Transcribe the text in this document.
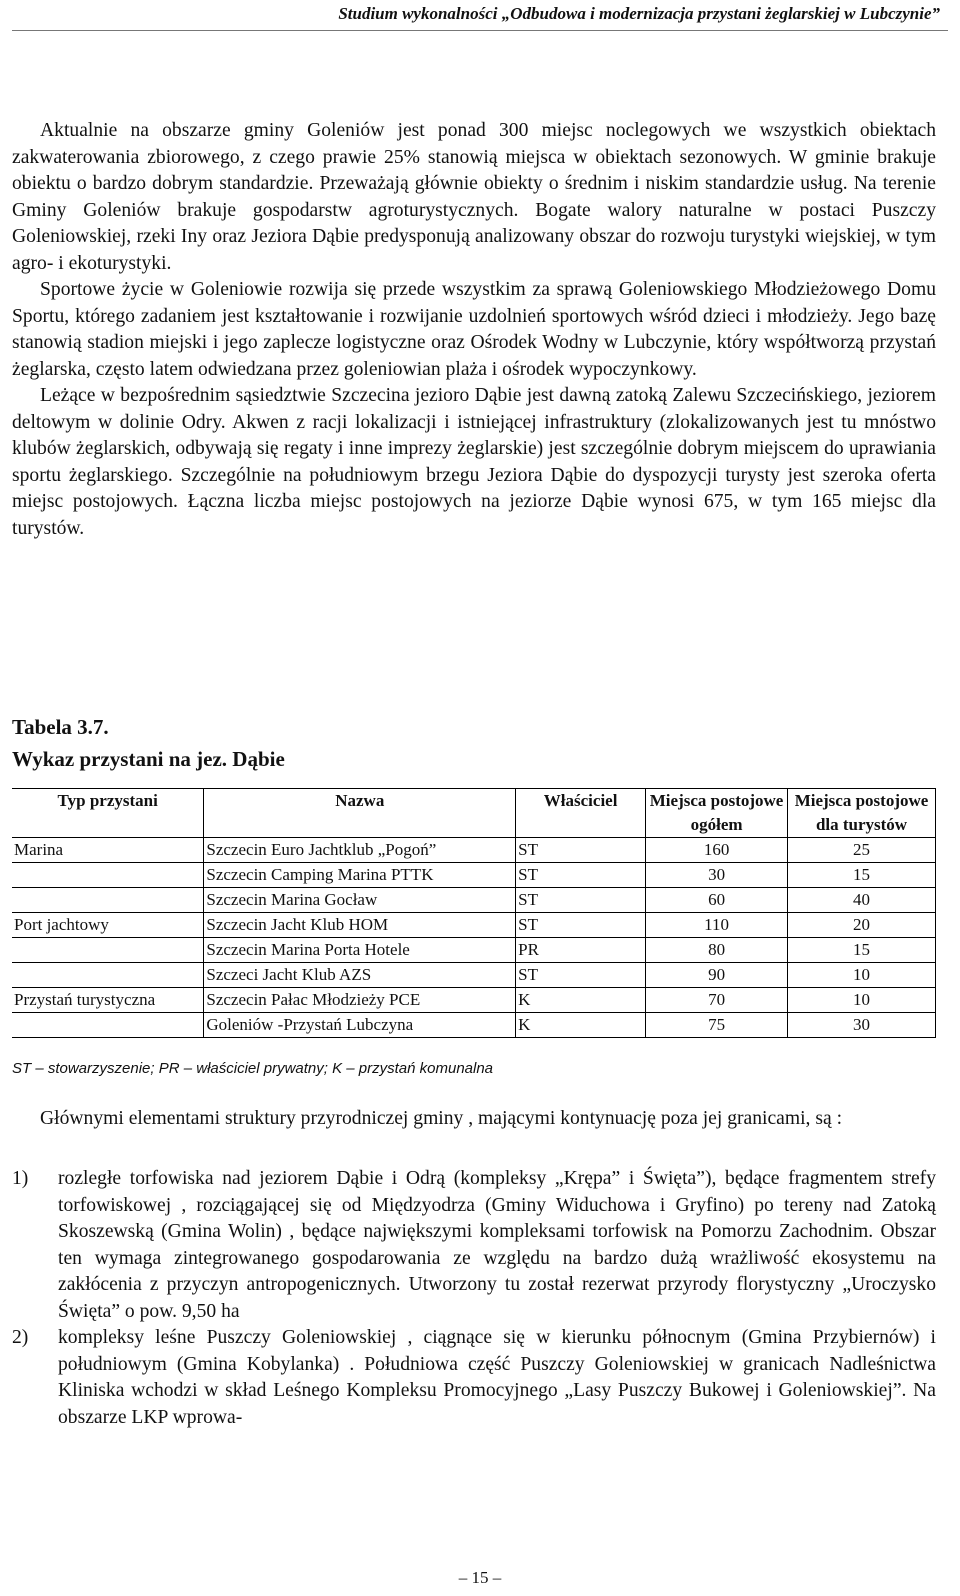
Studium wykonalności „Odbudowa i modernizacja przystani żeglarskiej w Lubczynie”

Aktualnie na obszarze gminy Goleniów jest ponad 300 miejsc noclegowych we wszystkich obiektach zakwaterowania zbiorowego, z czego prawie 25% stanowią miejsca w obiektach sezonowych. W gminie brakuje obiektu o bardzo dobrym standardzie. Przeważają głównie obiekty o średnim i niskim standardzie usług. Na terenie Gminy Goleniów brakuje gospodarstw agroturystycznych. Bogate walory naturalne w postaci Puszczy Goleniowskiej, rzeki Iny oraz Jeziora Dąbie predysponują analizowany obszar do rozwoju turystyki wiejskiej, w tym agro- i ekoturystyki.

Sportowe życie w Goleniowie rozwija się przede wszystkim za sprawą Goleniowskiego Młodzieżowego Domu Sportu, którego zadaniem jest kształtowanie i rozwijanie uzdolnień sportowych wśród dzieci i młodzieży. Jego bazę stanowią stadion miejski i jego zaplecze logistyczne oraz Ośrodek Wodny w Lubczynie, który współtworzą przystań żeglarska, często latem odwiedzana przez goleniowian plaża i ośrodek wypoczynkowy.

Leżące w bezpośrednim sąsiedztwie Szczecina jezioro Dąbie jest dawną zatoką Zalewu Szczecińskiego, jeziorem deltowym w dolinie Odry. Akwen z racji lokalizacji i istniejącej infrastruktury (zlokalizowanych jest tu mnóstwo klubów żeglarskich, odbywają się regaty i inne imprezy żeglarskie) jest szczególnie dobrym miejscem do uprawiania sportu żeglarskiego. Szczególnie na południowym brzegu Jeziora Dąbie do dyspozycji turysty jest szeroka oferta miejsc postojowych. Łączna liczba miejsc postojowych na jeziorze Dąbie wynosi 675, w tym 165 miejsc dla turystów.

Tabela 3.7.
Wykaz przystani na jez. Dąbie
Typ przystani	Nazwa	Właściciel	Miejsca postojowe ogółem	Miejsca postojowe dla turystów
Marina	Szczecin Euro Jachtklub „Pogoń”	ST	160	25
	Szczecin Camping Marina PTTK	ST	30	15
	Szczecin Marina Gocław	ST	60	40
Port jachtowy	Szczecin Jacht Klub HOM	ST	110	20
	Szczecin Marina Porta Hotele	PR	80	15
	Szczeci Jacht Klub AZS	ST	90	10
Przystań turystyczna	Szczecin Pałac Młodzieży PCE	K	70	10
	Goleniów -Przystań Lubczyna	K	75	30
ST – stowarzyszenie; PR – właściciel prywatny; K – przystań komunalna

Głównymi elementami struktury przyrodniczej gminy , mającymi kontynuację poza jej granicami, są :

1)	rozległe torfowiska nad jeziorem Dąbie i Odrą (kompleksy „Krępa” i Święta”), będące fragmentem strefy torfowiskowej , rozciągającej się od Międzyodrza (Gminy Widuchowa i Gryfino) po tereny nad Zatoką Skoszewską (Gmina Wolin) , będące największymi kompleksami torfowisk na Pomorzu Zachodnim. Obszar ten wymaga zintegrowanego gospodarowania ze względu na bardzo dużą wrażliwość ekosystemu na zakłócenia z przyczyn antropogenicznych. Utworzony tu został rezerwat przyrody florystyczny „Uroczysko Święta” o pow. 9,50 ha
2)	kompleksy leśne Puszczy Goleniowskiej , ciągnące się w kierunku północnym (Gmina Przybiernów) i południowym (Gmina Kobylanka) . Południowa część Puszczy Goleniowskiej w granicach Nadleśnictwa Kliniska wchodzi w skład Leśnego Kompleksu Promocyjnego „Lasy Puszczy Bukowej i Goleniowskiej”. Na obszarze LKP wprowa-
– 15 –
